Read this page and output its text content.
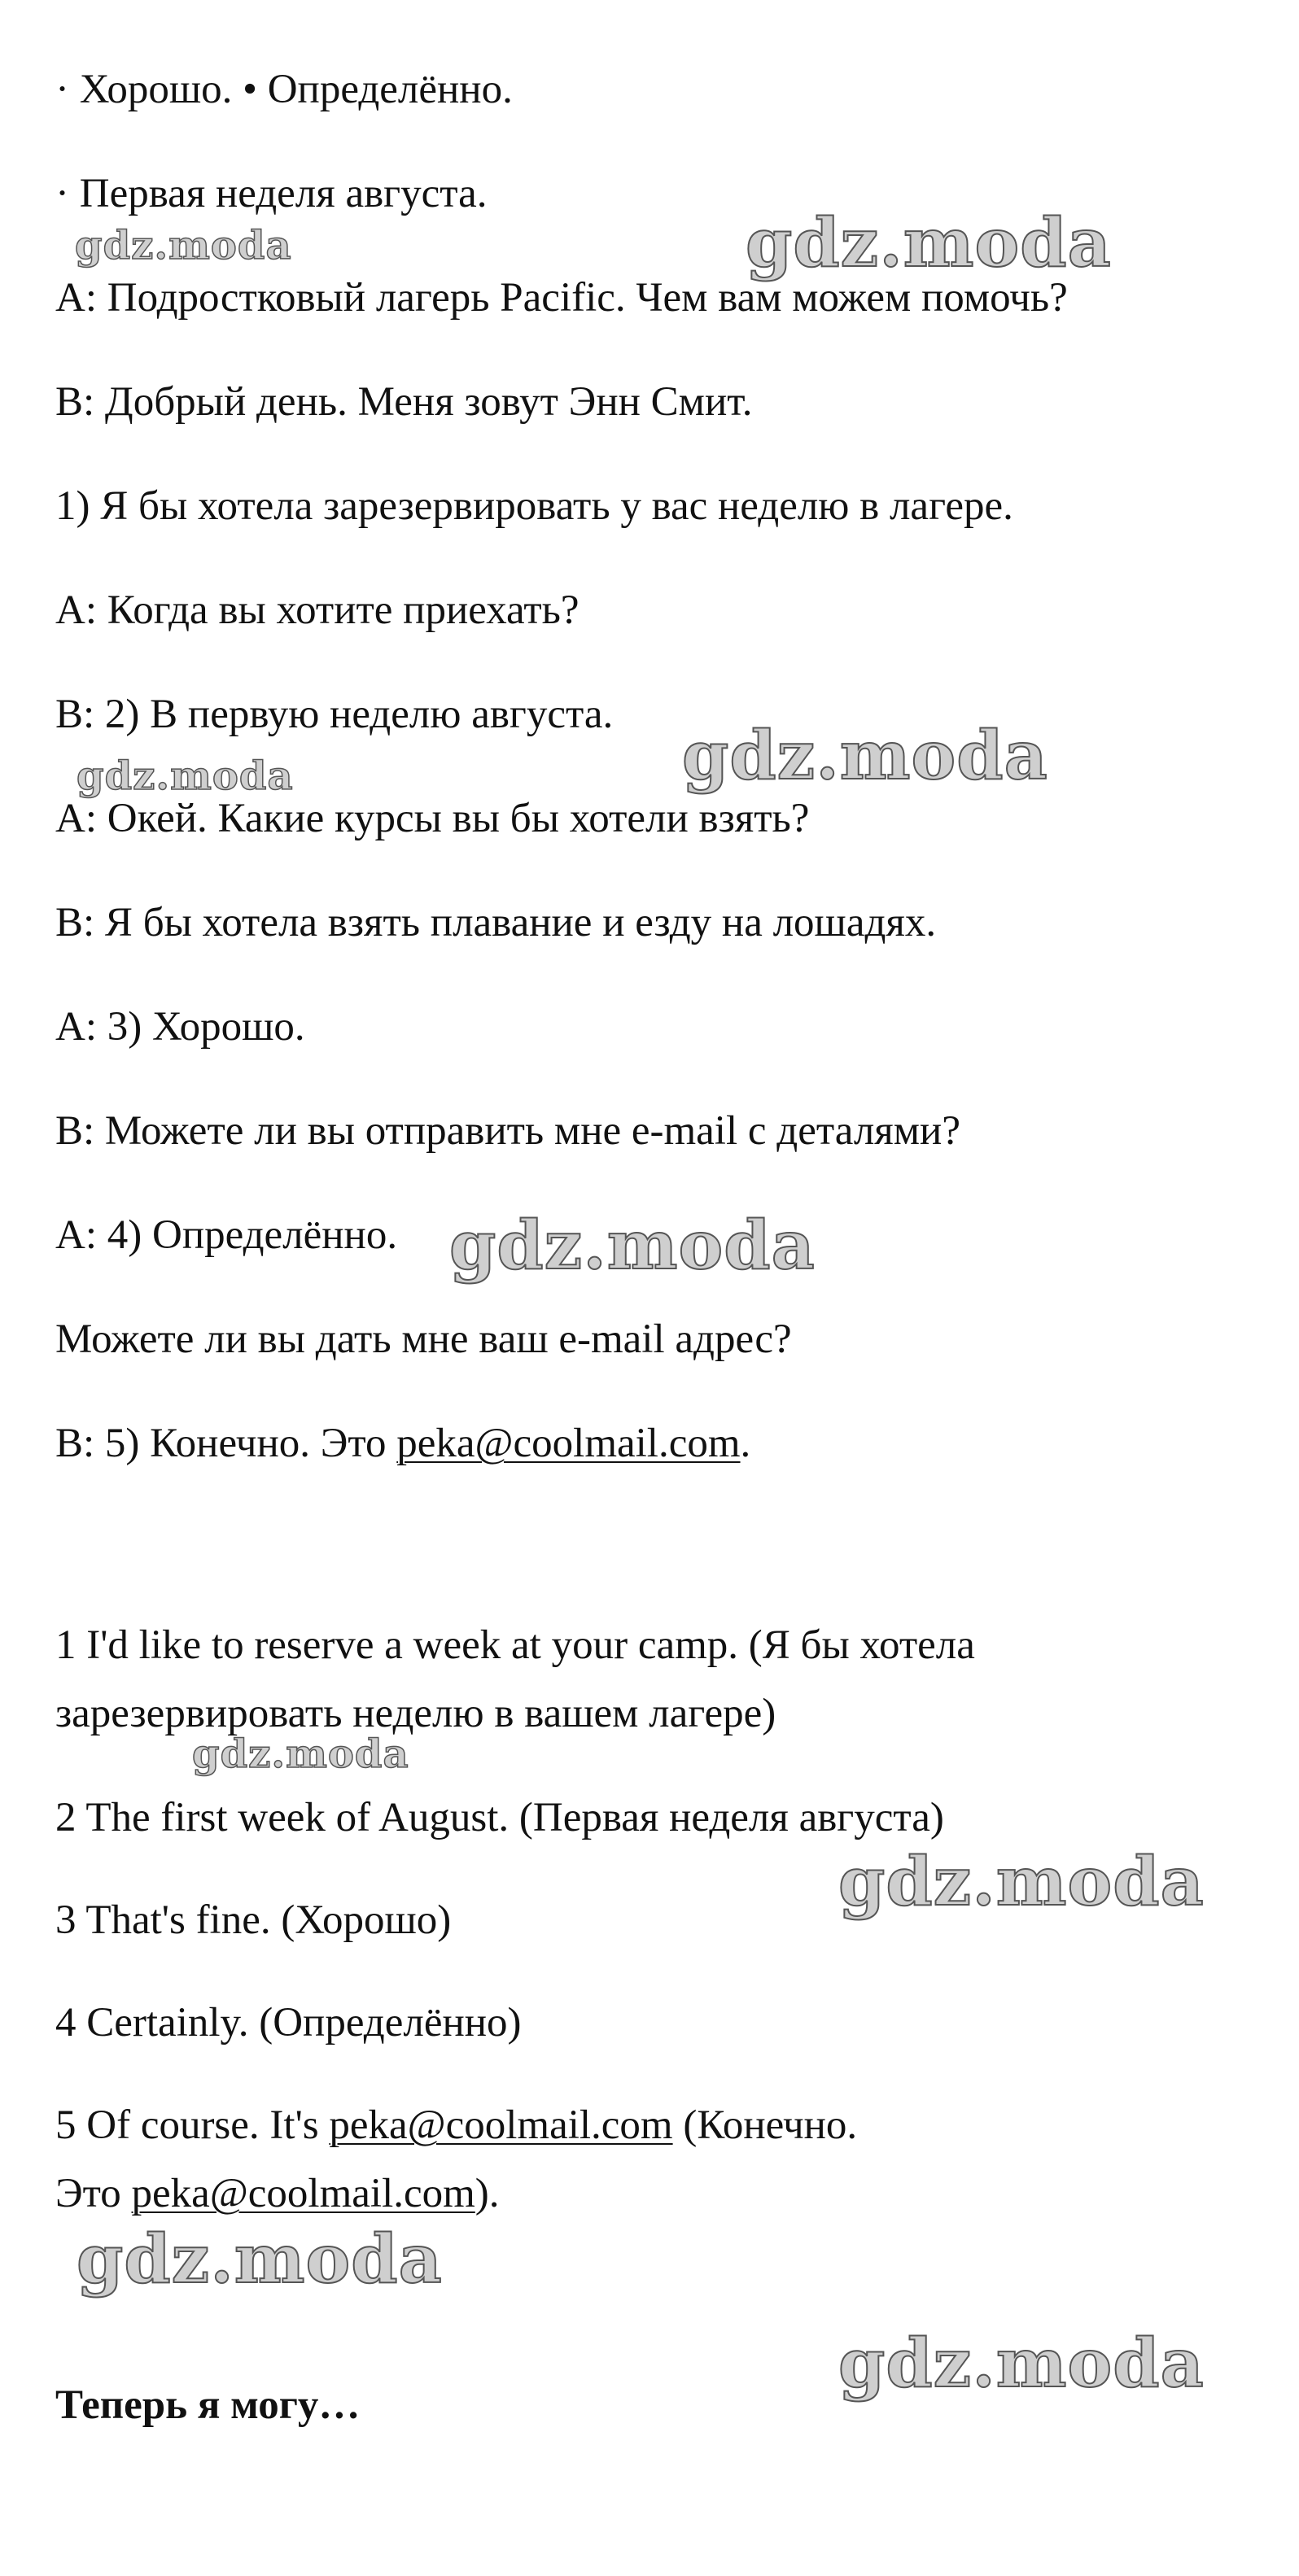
· Хорошо. • Определённо.
· Первая неделя августа.
A: Подростковый лагерь Pacific. Чем вам можем помочь?
B: Добрый день. Меня зовут Энн Смит.
1) Я бы хотела зарезервировать у вас неделю в лагере.
A: Когда вы хотите приехать?
B: 2) В первую неделю августа.
A: Окей. Какие курсы вы бы хотели взять?
B: Я бы хотела взять плавание и езду на лошадях.
A: 3) Хорошо.
B: Можете ли вы отправить мне e-mail с деталями?
A: 4) Определённо.
Можете ли вы дать мне ваш e-mail адрес?
B: 5) Конечно. Это peka@coolmail.com.
1 I'd like to reserve a week at your camp. (Я бы хотела
зарезервировать неделю в вашем лагере)
2 The first week of August. (Первая неделя августа)
3 That's fine. (Хорошо)
4 Certainly. (Определённо)
5 Of course. It's peka@coolmail.com (Конечно.
Это peka@coolmail.com).
Теперь я могу…
gdz.moda	gdz.moda
gdz.moda
gdz.moda
gdz.moda
gdz.moda
gdz.moda
gdz.moda
gdz.moda
